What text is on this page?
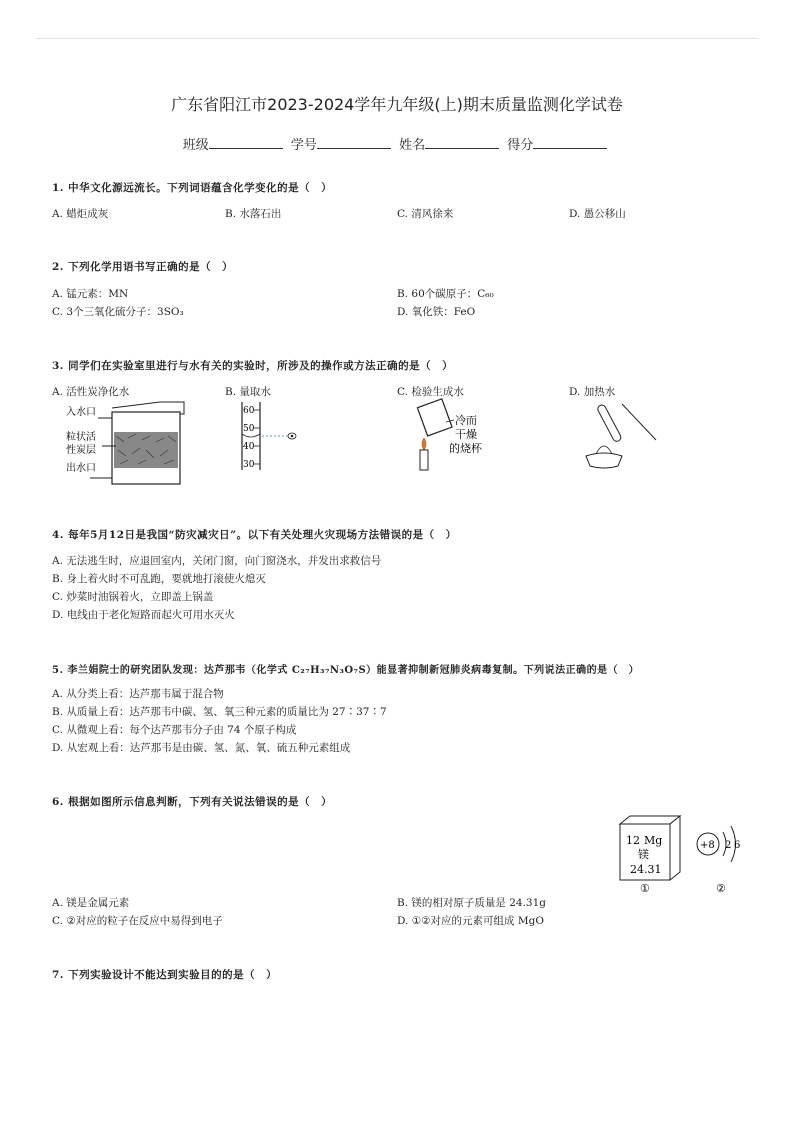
广东省阳江市2023-2024学年九年级(上)期末质量监测化学试卷
班级	学号	姓名	得分
1. 中华文化源远流长。下列词语蕴含化学变化的是（　）
A. 蜡炬成灰	B. 水落石出	C. 清风徐来	D. 愚公移山
2. 下列化学用语书写正确的是（　）
A. 锰元素：MN	B. 60个碳原子：C₆₀
C. 3个三氧化硫分子：3SO₃	D. 氧化铁：FeO
3. 同学们在实验室里进行与水有关的实验时，所涉及的操作或方法正确的是（　）
A. 活性炭净化水	B. 量取水	C. 检验生成水	D. 加热水
入水口
粒状活
性炭层
出水口
60
50
40
30
冷而
干燥
的烧杯
4. 每年5月12日是我国“防灾减灾日”。以下有关处理火灾现场方法错误的是（　）
A. 无法逃生时，应退回室内，关闭门窗，向门窗浇水，并发出求救信号
B. 身上着火时不可乱跑，要就地打滚使火熄灭
C. 炒菜时油锅着火，立即盖上锅盖
D. 电线由于老化短路而起火可用水灭火
5. 李兰娟院士的研究团队发现：达芦那韦（化学式 C₂₇H₃₇N₃O₇S）能显著抑制新冠肺炎病毒复制。下列说法正确的是（　）
A. 从分类上看：达芦那韦属于混合物
B. 从质量上看：达芦那韦中碳、氢、氧三种元素的质量比为 27∶37∶7
C. 从微观上看：每个达芦那韦分子由 74 个原子构成
D. 从宏观上看：达芦那韦是由碳、氢、氮、氧、硫五种元素组成
6. 根据如图所示信息判断，下列有关说法错误的是（　）
12 Mg
镁
24.31
①
+8 2 6
②
A. 镁是金属元素	B. 镁的相对原子质量是 24.31g
C. ②对应的粒子在反应中易得到电子	D. ①②对应的元素可组成 MgO
7. 下列实验设计不能达到实验目的的是（　）
